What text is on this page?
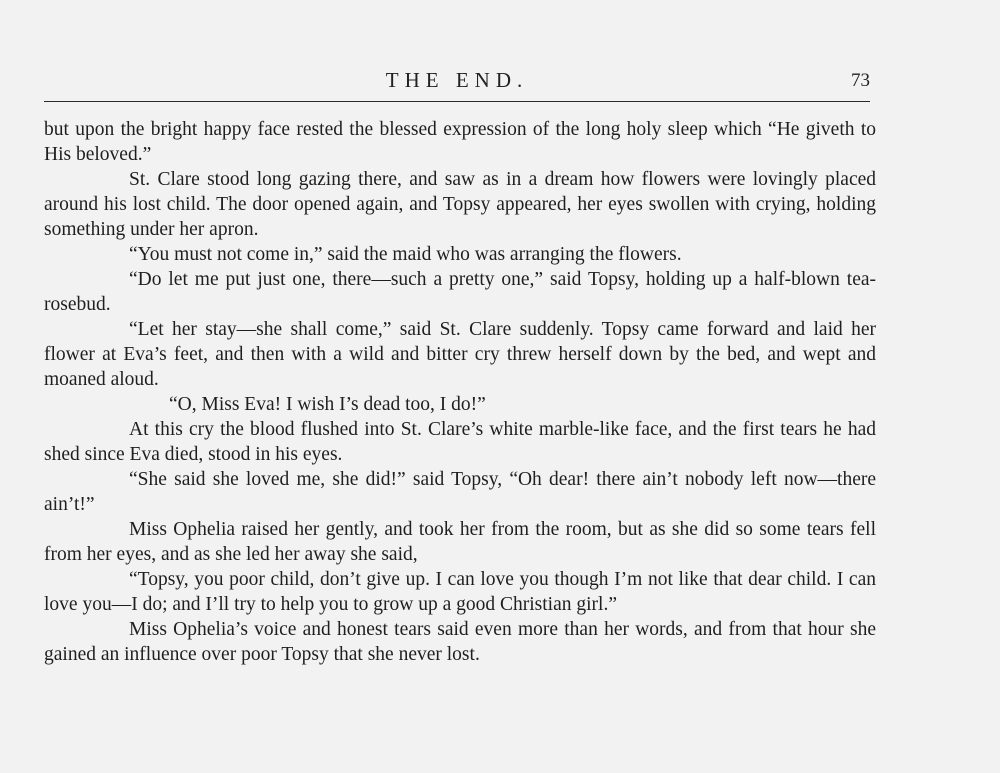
THE END.	73

but upon the bright happy face rested the blessed expression of the long holy sleep which “He giveth to His beloved.”

St. Clare stood long gazing there, and saw as in a dream how flowers were lovingly placed around his lost child. The door opened again, and Topsy appeared, her eyes swollen with crying, holding something under her apron.

“You must not come in,” said the maid who was arranging the flowers.

“Do let me put just one, there—such a pretty one,” said Topsy, holding up a half-blown tea-rosebud.

“Let her stay—she shall come,” said St. Clare suddenly. Topsy came forward and laid her flower at Eva’s feet, and then with a wild and bitter cry threw herself down by the bed, and wept and moaned aloud.

“O, Miss Eva! I wish I’s dead too, I do!”

At this cry the blood flushed into St. Clare’s white marble-like face, and the first tears he had shed since Eva died, stood in his eyes.

“She said she loved me, she did!” said Topsy, “Oh dear! there ain’t nobody left now—there ain’t!”

Miss Ophelia raised her gently, and took her from the room, but as she did so some tears fell from her eyes, and as she led her away she said,

“Topsy, you poor child, don’t give up. I can love you though I’m not like that dear child. I can love you—I do; and I’ll try to help you to grow up a good Christian girl.”

Miss Ophelia’s voice and honest tears said even more than her words, and from that hour she gained an influence over poor Topsy that she never lost.
